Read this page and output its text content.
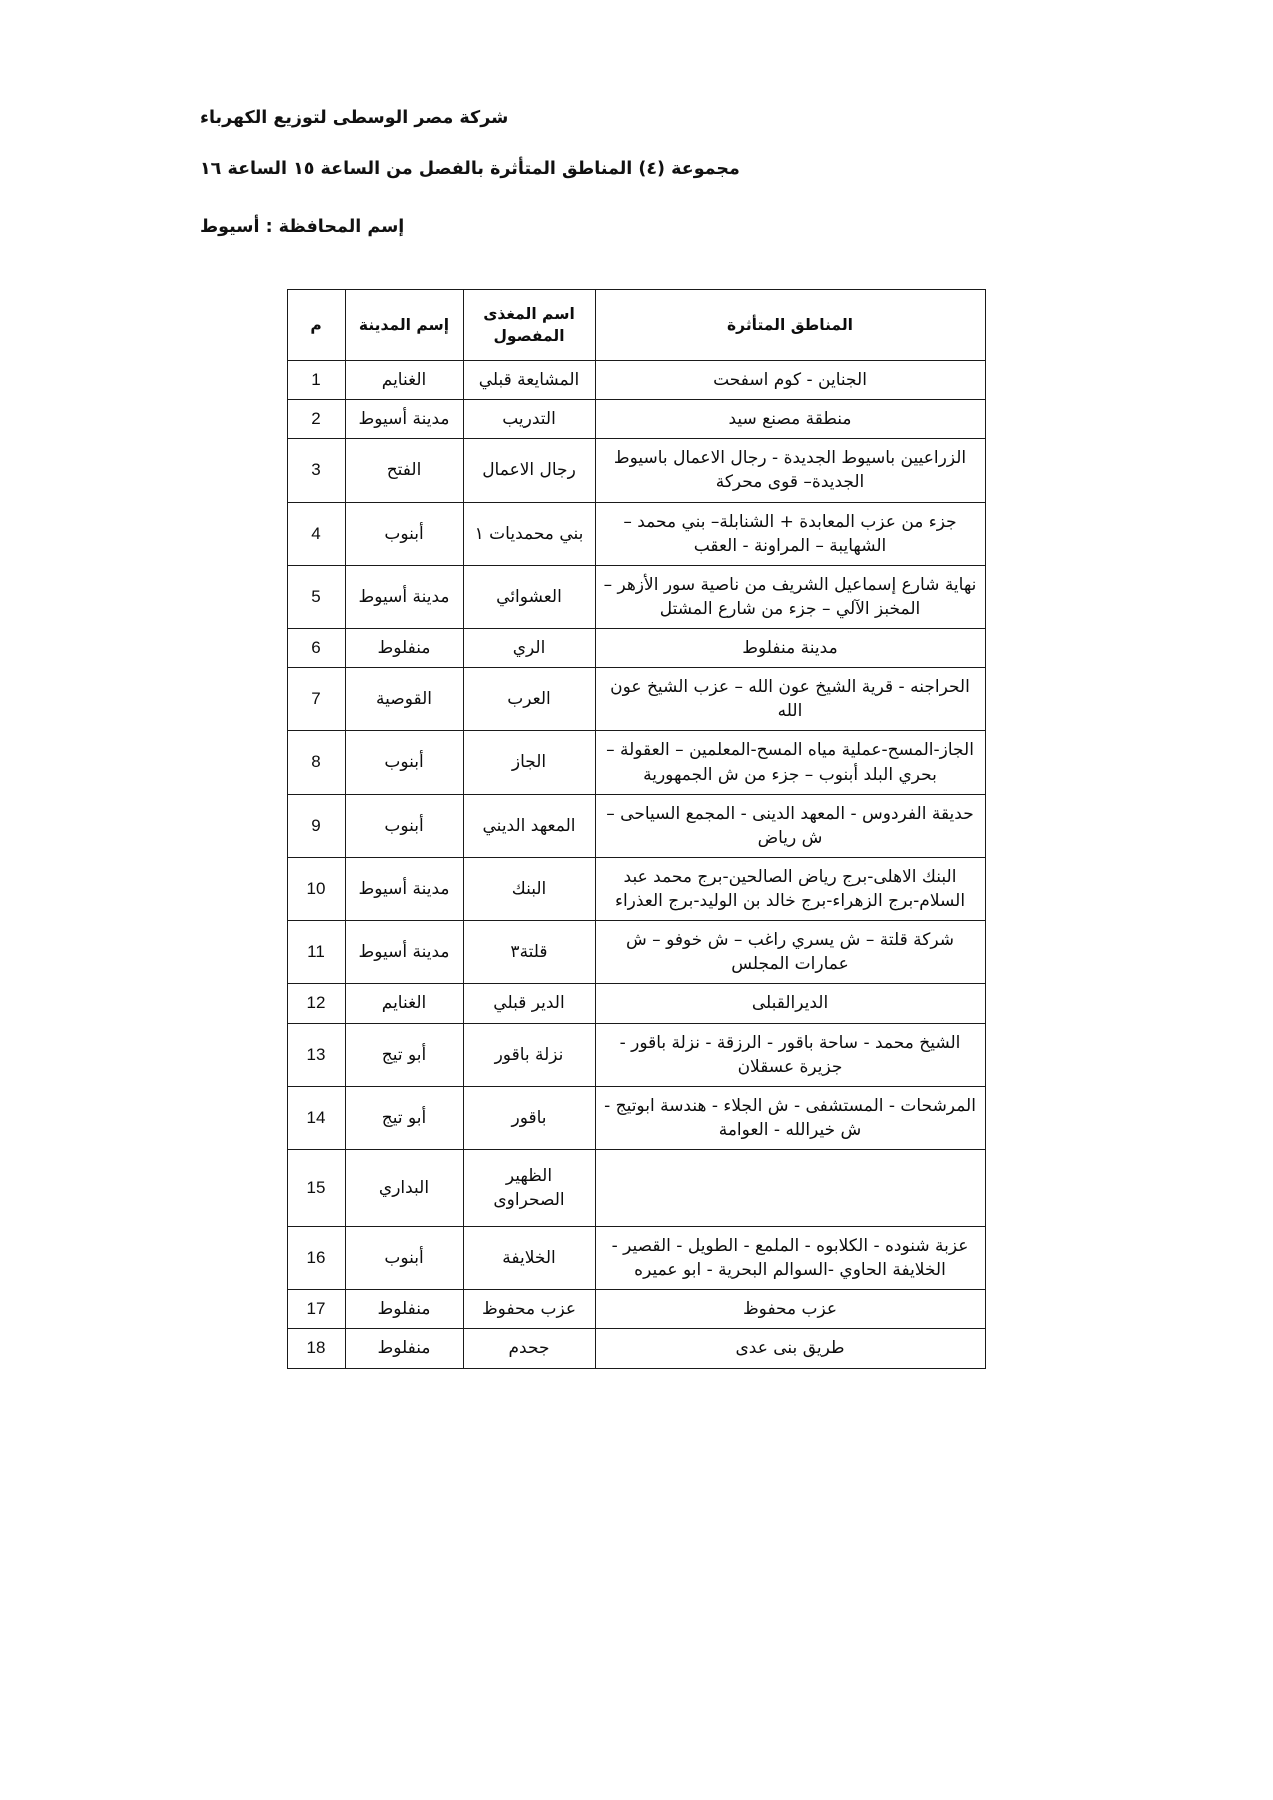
شركة مصر الوسطى لتوزيع الكهرباء
مجموعة (٤) المناطق المتأثرة بالفصل من الساعة ١٥ الساعة ١٦
إسم المحافظة : أسيوط
المناطق المتأثرة	اسم المغذى المفصول	إسم المدينة	م
الجناين - كوم اسفحت	المشايعة قبلي	الغنايم	1
منطقة مصنع سيد	التدريب	مدينة أسيوط	2
الزراعيين باسيوط الجديدة - رجال الاعمال باسيوط الجديدة– قوى محركة	رجال الاعمال	الفتح	3
جزء من عزب المعابدة + الشنابلة– بني محمد – الشهايبة – المراونة - العقب	بني محمديات ١	أبنوب	4
نهاية شارع إسماعيل الشريف من ناصية سور الأزهر – المخبز الآلي – جزء من شارع المشتل	العشوائي	مدينة أسيوط	5
مدينة منفلوط	الري	منفلوط	6
الحراجنه - قرية الشيخ عون الله – عزب الشيخ عون الله	العرب	القوصية	7
الجاز-المسح-عملية مياه المسح-المعلمين – العقولة – بحري البلد أبنوب – جزء من ش الجمهورية	الجاز	أبنوب	8
حديقة الفردوس - المعهد الدينى - المجمع السياحى – ش رياض	المعهد الديني	أبنوب	9
البنك الاهلى-برج رياض الصالحين-برج محمد عبد السلام-برج الزهراء-برج خالد بن الوليد-برج العذراء	البنك	مدينة أسيوط	10
شركة قلتة – ش يسري راغب – ش خوفو – ش عمارات المجلس	قلتة٣	مدينة أسيوط	11
الديرالقبلى	الدير قبلي	الغنايم	12
الشيخ محمد - ساحة باقور - الرزقة - نزلة باقور - جزيرة عسقلان	نزلة باقور	أبو تيج	13
المرشحات - المستشفى - ش الجلاء - هندسة ابوتيج - ش خيرالله - العوامة	باقور	أبو تيج	14
	الظهير الصحراوى	البداري	15
عزبة شنوده - الكلابوه - الملمع - الطويل - القصير - الخلايفة الحاوي -السوالم البحرية - ابو عميره	الخلايفة	أبنوب	16
عزب محفوظ	عزب محفوظ	منفلوط	17
طريق بنى عدى	جحدم	منفلوط	18
